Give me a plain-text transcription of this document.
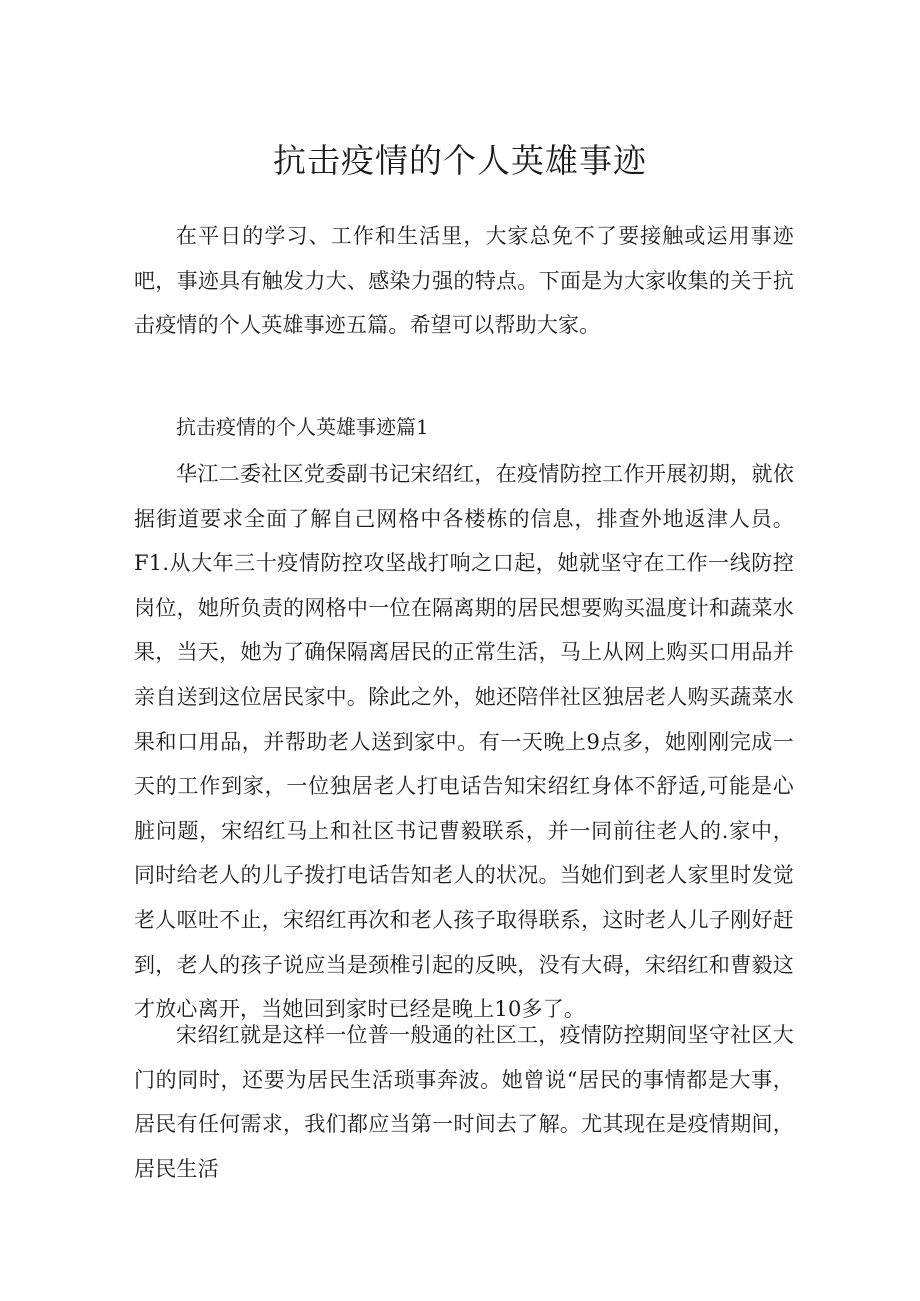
抗击疫情的个人英雄事迹

在平日的学习、工作和生活里，大家总免不了要接触或运用事迹吧，事迹具有触发力大、感染力强的特点。下面是为大家收集的关于抗击疫情的个人英雄事迹五篇。希望可以帮助大家。

抗击疫情的个人英雄事迹篇1

华江二委社区党委副书记宋绍红，在疫情防控工作开展初期，就依据街道要求全面了解自己网格中各楼栋的信息，排查外地返津人员。F1.从大年三十疫情防控攻坚战打响之口起，她就坚守在工作一线防控岗位，她所负责的网格中一位在隔离期的居民想要购买温度计和蔬菜水果，当天，她为了确保隔离居民的正常生活，马上从网上购买口用品并亲自送到这位居民家中。除此之外，她还陪伴社区独居老人购买蔬菜水果和口用品，并帮助老人送到家中。有一天晚上9点多，她刚刚完成一天的工作到家，一位独居老人打电话告知宋绍红身体不舒适,可能是心脏问题，宋绍红马上和社区书记曹毅联系，并一同前往老人的.家中，同时给老人的儿子拨打电话告知老人的状况。当她们到老人家里时发觉老人呕吐不止，宋绍红再次和老人孩子取得联系，这时老人儿子刚好赶到，老人的孩子说应当是颈椎引起的反映，没有大碍，宋绍红和曹毅这才放心离开，当她回到家时已经是晚上10多了。

宋绍红就是这样一位普一般通的社区工，疫情防控期间坚守社区大门的同时，还要为居民生活琐事奔波。她曾说“居民的事情都是大事，居民有任何需求，我们都应当第一时间去了解。尤其现在是疫情期间，居民生活
